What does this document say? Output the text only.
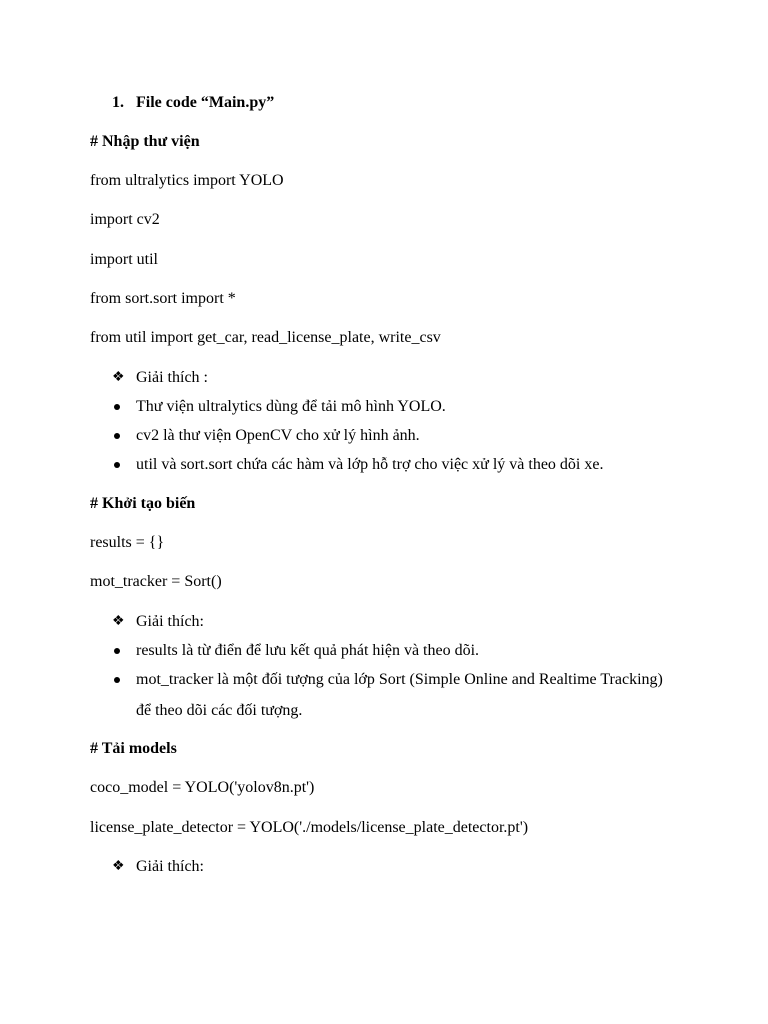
1. File code “Main.py”
# Nhập thư viện
from ultralytics import YOLO
import cv2
import util
from sort.sort import *
from util import get_car, read_license_plate, write_csv
❖ Giải thích :
Thư viện ultralytics dùng để tải mô hình YOLO.
cv2 là thư viện OpenCV cho xử lý hình ảnh.
util và sort.sort chứa các hàm và lớp hỗ trợ cho việc xử lý và theo dõi xe.
# Khởi tạo biến
results = {}
mot_tracker = Sort()
❖ Giải thích:
results là từ điển để lưu kết quả phát hiện và theo dõi.
mot_tracker là một đối tượng của lớp Sort (Simple Online and Realtime Tracking)
để theo dõi các đối tượng.
# Tải models
coco_model = YOLO('yolov8n.pt')
license_plate_detector = YOLO('./models/license_plate_detector.pt')
❖ Giải thích:
